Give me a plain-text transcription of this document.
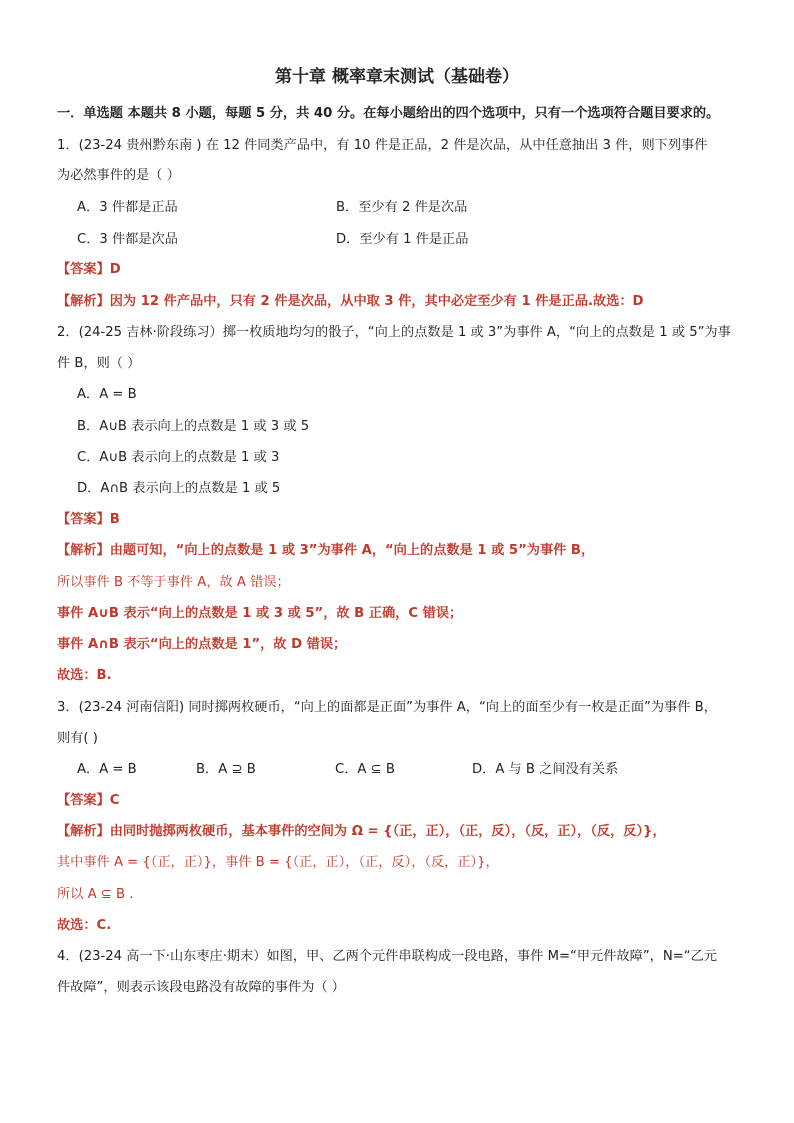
第十章 概率章末测试（基础卷）
一．单选题 本题共 8 小题，每题 5 分，共 40 分。在每小题给出的四个选项中，只有一个选项符合题目要求的。
1．(23-24 贵州黔东南 ) 在 12 件同类产品中，有 10 件是正品，2 件是次品，从中任意抽出 3 件，则下列事件
为必然事件的是（ ）
A．3 件都是正品	B．至少有 2 件是次品
C．3 件都是次品	D．至少有 1 件是正品
【答案】D
【解析】因为 12 件产品中，只有 2 件是次品，从中取 3 件，其中必定至少有 1 件是正品.故选：D
2．(24-25 吉林·阶段练习）掷一枚质地均匀的骰子，“向上的点数是 1 或 3”为事件 A，“向上的点数是 1 或 5”为事
件 B，则（ ）
A．A = B
B．A∪B 表示向上的点数是 1 或 3 或 5
C．A∪B 表示向上的点数是 1 或 3
D．A∩B 表示向上的点数是 1 或 5
【答案】B
【解析】由题可知，“向上的点数是 1 或 3”为事件 A，“向上的点数是 1 或 5”为事件 B，
所以事件 B 不等于事件 A，故 A 错误；
事件 A∪B 表示“向上的点数是 1 或 3 或 5”，故 B 正确，C 错误；
事件 A∩B 表示“向上的点数是 1”，故 D 错误；
故选：B.
3．(23-24 河南信阳) 同时掷两枚硬币，“向上的面都是正面”为事件 A，“向上的面至少有一枚是正面”为事件 B，
则有( )
A．A = B	B．A ⊇ B	C．A ⊆ B	D．A 与 B 之间没有关系
【答案】C
【解析】由同时抛掷两枚硬币，基本事件的空间为 Ω = {（正，正），（正，反），（反，正），（反，反）}，
其中事件 A = {（正，正）}，事件 B = {（正，正），（正，反），（反，正）}，
所以 A ⊆ B .
故选：C.
4．(23-24 高一下·山东枣庄·期末）如图，甲、乙两个元件串联构成一段电路，事件 M=“甲元件故障”，N=“乙元
件故障”，则表示该段电路没有故障的事件为（ ）
